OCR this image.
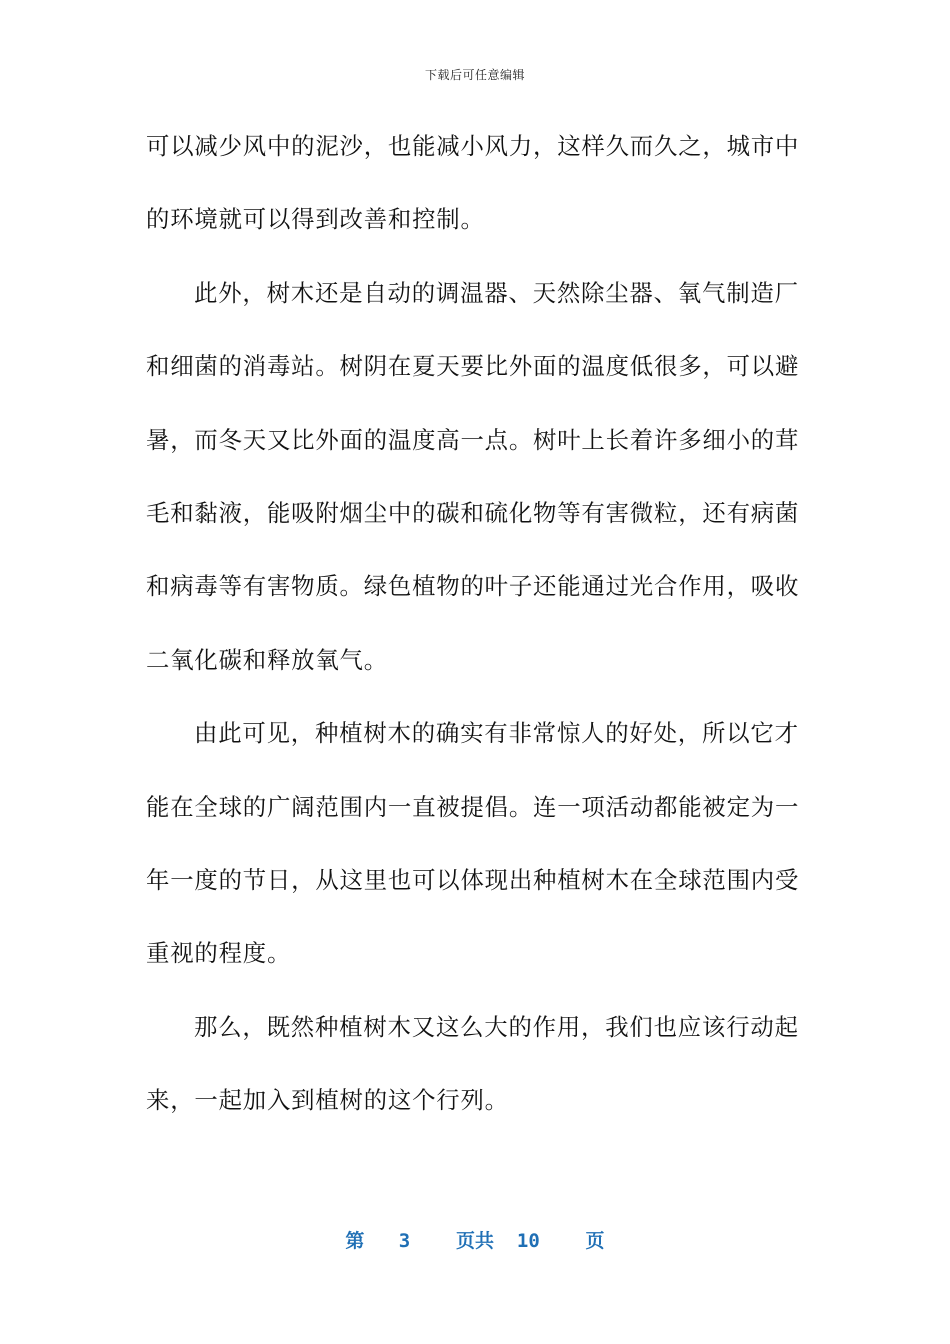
下载后可任意编辑
可以减少风中的泥沙，也能减小风力，这样久而久之，城市中
的环境就可以得到改善和控制。
此外，树木还是自动的调温器、天然除尘器、氧气制造厂
和细菌的消毒站。树阴在夏天要比外面的温度低很多，可以避
暑，而冬天又比外面的温度高一点。树叶上长着许多细小的茸
毛和黏液，能吸附烟尘中的碳和硫化物等有害微粒，还有病菌
和病毒等有害物质。绿色植物的叶子还能通过光合作用，吸收
二氧化碳和释放氧气。
由此可见，种植树木的确实有非常惊人的好处，所以它才
能在全球的广阔范围内一直被提倡。连一项活动都能被定为一
年一度的节日，从这里也可以体现出种植树木在全球范围内受
重视的程度。
那么，既然种植树木又这么大的作用，我们也应该行动起
来，一起加入到植树的这个行列。
第 3 页共 10 页
